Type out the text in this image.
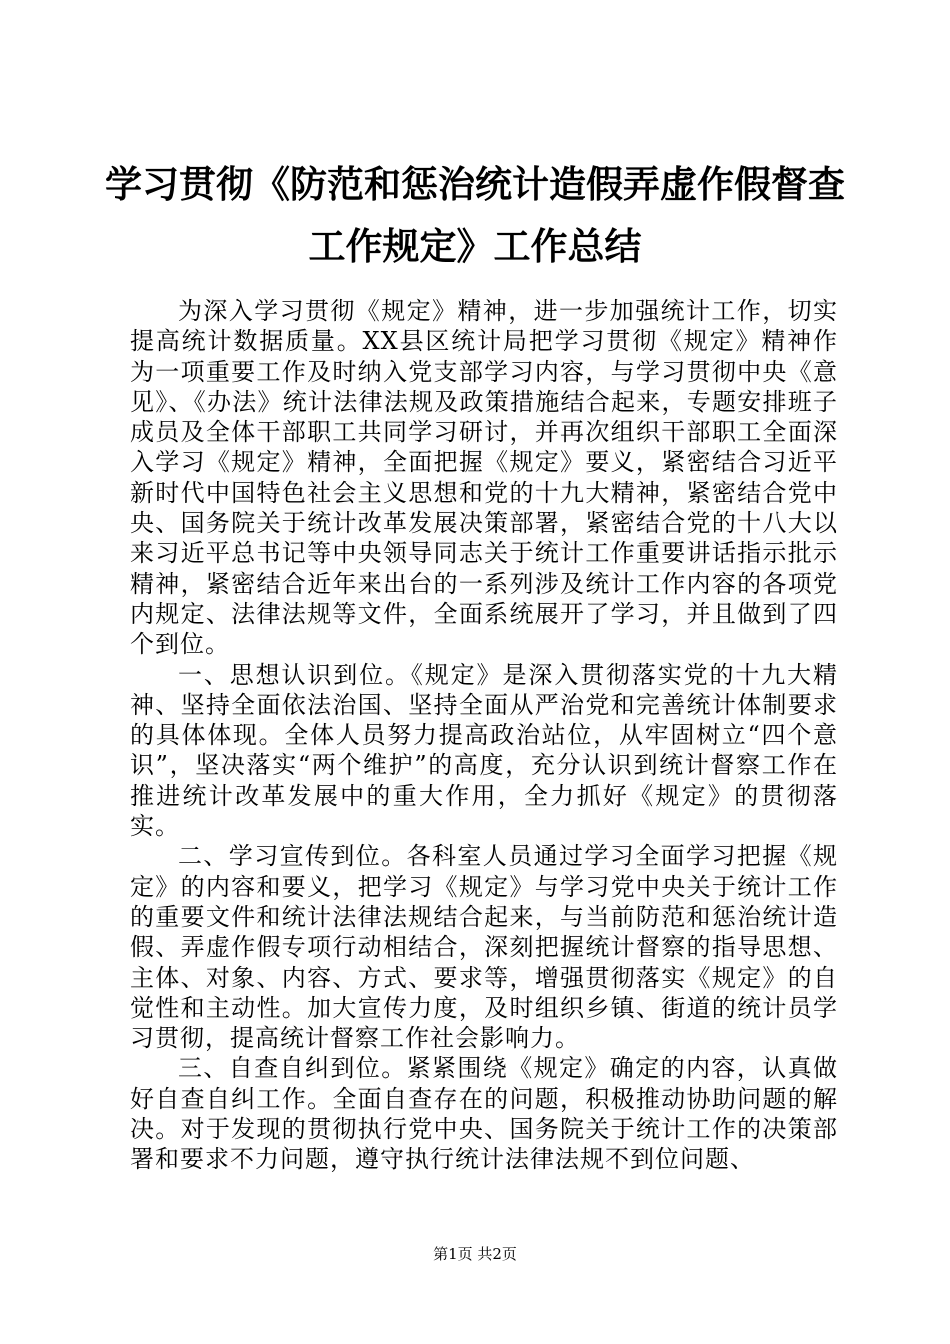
学习贯彻《防范和惩治统计造假弄虚作假督查
工作规定》工作总结

为深入学习贯彻《规定》精神，进一步加强统计工作，切实提高统计数据质量。XX县区统计局把学习贯彻《规定》精神作为一项重要工作及时纳入党支部学习内容，与学习贯彻中央《意见》、《办法》统计法律法规及政策措施结合起来，专题安排班子成员及全体干部职工共同学习研讨，并再次组织干部职工全面深入学习《规定》精神，全面把握《规定》要义，紧密结合习近平新时代中国特色社会主义思想和党的十九大精神，紧密结合党中央、国务院关于统计改革发展决策部署，紧密结合党的十八大以来习近平总书记等中央领导同志关于统计工作重要讲话指示批示精神，紧密结合近年来出台的一系列涉及统计工作内容的各项党内规定、法律法规等文件，全面系统展开了学习，并且做到了四个到位。

一、思想认识到位。《规定》是深入贯彻落实党的十九大精神、坚持全面依法治国、坚持全面从严治党和完善统计体制要求的具体体现。全体人员努力提高政治站位，从牢固树立“四个意识”，坚决落实“两个维护”的高度，充分认识到统计督察工作在推进统计改革发展中的重大作用，全力抓好《规定》的贯彻落实。

二、学习宣传到位。各科室人员通过学习全面学习把握《规定》的内容和要义，把学习《规定》与学习党中央关于统计工作的重要文件和统计法律法规结合起来，与当前防范和惩治统计造假、弄虚作假专项行动相结合，深刻把握统计督察的指导思想、主体、对象、内容、方式、要求等，增强贯彻落实《规定》的自觉性和主动性。加大宣传力度，及时组织乡镇、街道的统计员学习贯彻，提高统计督察工作社会影响力。

三、自查自纠到位。紧紧围绕《规定》确定的内容，认真做好自查自纠工作。全面自查存在的问题，积极推动协助问题的解决。对于发现的贯彻执行党中央、国务院关于统计工作的决策部署和要求不力问题，遵守执行统计法律法规不到位问题、

第1页 共2页
